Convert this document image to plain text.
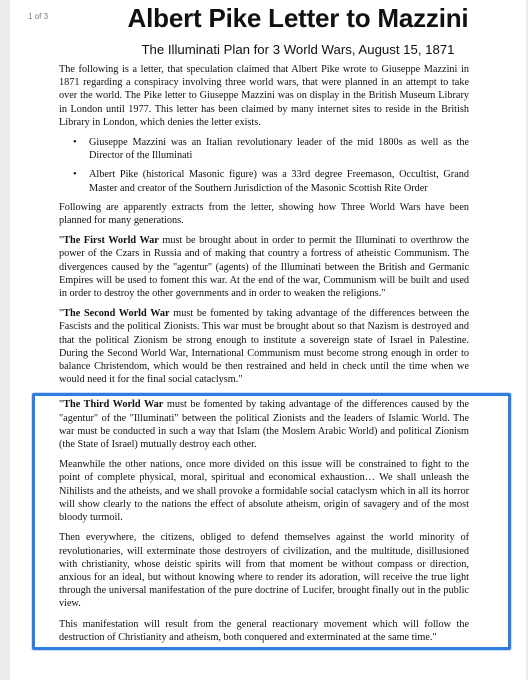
1 of 3	Albert Pike Letter to Mazzini
The Illuminati Plan for 3 World Wars, August 15, 1871

The following is a letter, that speculation claimed that Albert Pike wrote to Giuseppe Mazzini in 1871 regarding a conspiracy involving three world wars, that were planned in an attempt to take over the world. The Pike letter to Giuseppe Mazzini was on display in the British Museum Library in London until 1977. This letter has been claimed by many internet sites to reside in the British Library in London, which denies the letter exists.

• Giuseppe Mazzini was an Italian revolutionary leader of the mid 1800s as well as the Director of the Illuminati
• Albert Pike (historical Masonic figure) was a 33rd degree Freemason, Occultist, Grand Master and creator of the Southern Jurisdiction of the Masonic Scottish Rite Order

Following are apparently extracts from the letter, showing how Three World Wars have been planned for many generations.

"The First World War must be brought about in order to permit the Illuminati to overthrow the power of the Czars in Russia and of making that country a fortress of atheistic Communism. The divergences caused by the "agentur" (agents) of the Illuminati between the British and Germanic Empires will be used to foment this war. At the end of the war, Communism will be built and used in order to destroy the other governments and in order to weaken the religions."

"The Second World War must be fomented by taking advantage of the differences between the Fascists and the political Zionists. This war must be brought about so that Nazism is destroyed and that the political Zionism be strong enough to institute a sovereign state of Israel in Palestine. During the Second World War, International Communism must become strong enough in order to balance Christendom, which would be then restrained and held in check until the time when we would need it for the final social cataclysm."

"The Third World War must be fomented by taking advantage of the differences caused by the "agentur" of the "Illuminati" between the political Zionists and the leaders of Islamic World. The war must be conducted in such a way that Islam (the Moslem Arabic World) and political Zionism (the State of Israel) mutually destroy each other.

Meanwhile the other nations, once more divided on this issue will be constrained to fight to the point of complete physical, moral, spiritual and economical exhaustion… We shall unleash the Nihilists and the atheists, and we shall provoke a formidable social cataclysm which in all its horror will show clearly to the nations the effect of absolute atheism, origin of savagery and of the most bloody turmoil.

Then everywhere, the citizens, obliged to defend themselves against the world minority of revolutionaries, will exterminate those destroyers of civilization, and the multitude, disillusioned with christianity, whose deistic spirits will from that moment be without compass or direction, anxious for an ideal, but without knowing where to render its adoration, will receive the true light through the universal manifestation of the pure doctrine of Lucifer, brought finally out in the public view.

This manifestation will result from the general reactionary movement which will follow the destruction of Christianity and atheism, both conquered and exterminated at the same time."
